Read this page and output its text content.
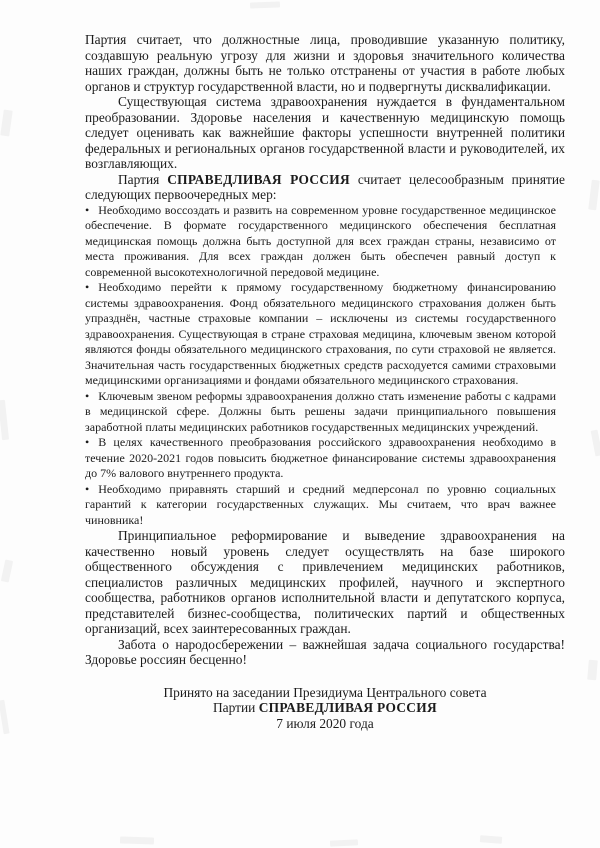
Партия считает, что должностные лица, проводившие указанную политику, создавшую реальную угрозу для жизни и здоровья значительного количества наших граждан, должны быть не только отстранены от участия в работе любых органов и структур государственной власти, но и подвергнуты дисквалификации.

Существующая система здравоохранения нуждается в фундаментальном преобразовании. Здоровье населения и качественную медицинскую помощь следует оценивать как важнейшие факторы успешности внутренней политики федеральных и региональных органов государственной власти и руководителей, их возглавляющих.

Партия СПРАВЕДЛИВАЯ РОССИЯ считает целесообразным принятие следующих первоочередных мер:

• Необходимо воссоздать и развить на современном уровне государственное медицинское обеспечение. В формате государственного медицинского обеспечения бесплатная медицинская помощь должна быть доступной для всех граждан страны, независимо от места проживания. Для всех граждан должен быть обеспечен равный доступ к современной высокотехнологичной передовой медицине.

• Необходимо перейти к прямому государственному бюджетному финансированию системы здравоохранения. Фонд обязательного медицинского страхования должен быть упразднён, частные страховые компании – исключены из системы государственного здравоохранения. Существующая в стране страховая медицина, ключевым звеном которой являются фонды обязательного медицинского страхования, по сути страховой не является. Значительная часть государственных бюджетных средств расходуется самими страховыми медицинскими организациями и фондами обязательного медицинского страхования.

• Ключевым звеном реформы здравоохранения должно стать изменение работы с кадрами в медицинской сфере. Должны быть решены задачи принципиального повышения заработной платы медицинских работников государственных медицинских учреждений.

• В целях качественного преобразования российского здравоохранения необходимо в течение 2020-2021 годов повысить бюджетное финансирование системы здравоохранения до 7% валового внутреннего продукта.

• Необходимо приравнять старший и средний медперсонал по уровню социальных гарантий к категории государственных служащих. Мы считаем, что врач важнее чиновника!

Принципиальное реформирование и выведение здравоохранения на качественно новый уровень следует осуществлять на базе широкого общественного обсуждения с привлечением медицинских работников, специалистов различных медицинских профилей, научного и экспертного сообщества, работников органов исполнительной власти и депутатского корпуса, представителей бизнес-сообщества, политических партий и общественных организаций, всех заинтересованных граждан.

Забота о народосбережении – важнейшая задача социального государства! Здоровье россиян бесценно!

Принято на заседании Президиума Центрального совета

Партии СПРАВЕДЛИВАЯ РОССИЯ

7 июля 2020 года
